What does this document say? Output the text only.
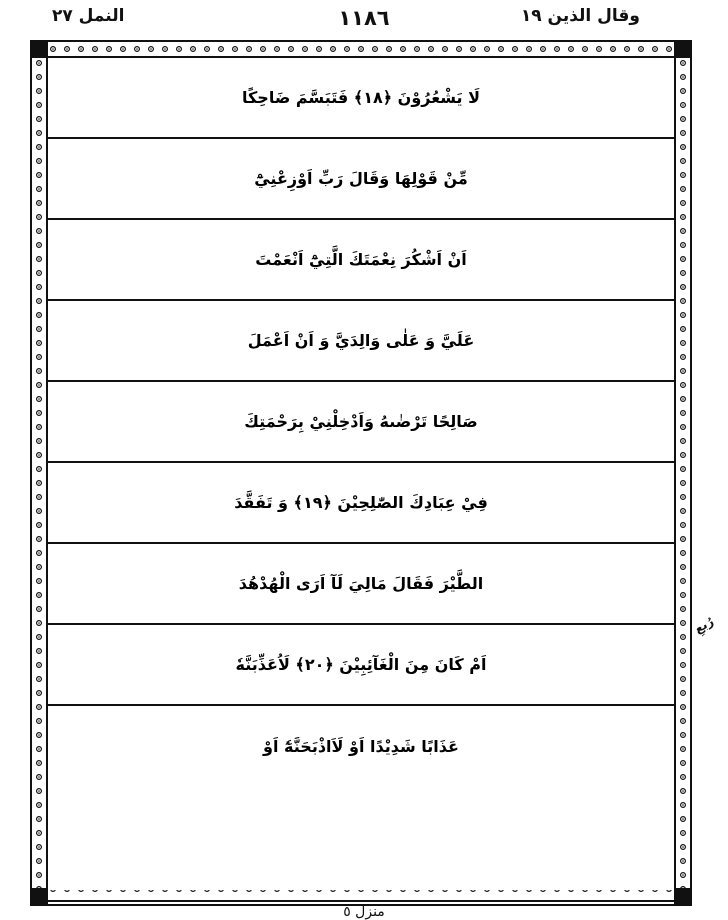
وقال الذين ١٩
١١٨٦
النمل ٢٧
لَا يَشْعُرُوْنَ ﴿١٨﴾ فَتَبَسَّمَ ضَاحِكًا
مِّنْ قَوْلِهَا وَقَالَ رَبِّ اَوْزِعْنِيْٓ
اَنْ اَشْكُرَ نِعْمَتَكَ الَّتِيْٓ اَنْعَمْتَ
عَلَيَّ وَ عَلٰى وَالِدَيَّ وَ اَنْ اَعْمَلَ
صَالِحًا تَرْضٰىهُ وَاَدْخِلْنِيْ بِرَحْمَتِكَ
فِيْ عِبَادِكَ الصّٰلِحِيْنَ ﴿١٩﴾ وَ تَفَقَّدَ
الطَّيْرَ فَقَالَ مَالِيَ لَآ اَرَى الْهُدْهُدَ
اَمْ كَانَ مِنَ الْغَآئِبِيْنَ ﴿٢٠﴾ لَاُعَذِّبَنَّهٗ
عَذَابًا شَدِيْدًا اَوْ لَاَاذْبَحَنَّهٗٓ اَوْ
رُبعِ
منزل ٥
